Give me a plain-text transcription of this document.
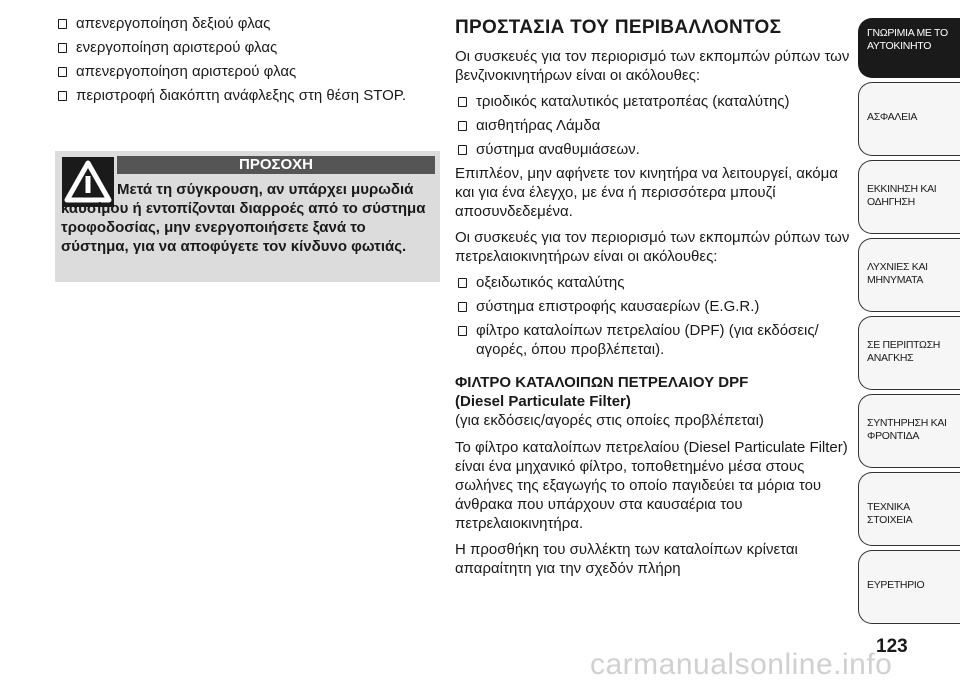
απενεργοποίηση δεξιού φλας
ενεργοποίηση αριστερού φλας
απενεργοποίηση αριστερού φλας
περιστροφή διακόπτη ανάφλεξης στη θέση STOP.
ΠΡΟΣΟΧΗ
Μετά τη σύγκρουση, αν υπάρχει μυρωδιά καυσίμου ή εντοπίζονται διαρροές από το σύστημα τροφοδοσίας, μην ενεργοποιήσετε ξανά το σύστημα, για να αποφύγετε τον κίνδυνο φωτιάς.
ΠΡΟΣΤΑΣΙΑ ΤΟΥ ΠΕΡΙΒΑΛΛΟΝΤΟΣ

Οι συσκευές για τον περιορισμό των εκπομπών ρύπων των βενζινοκινητήρων είναι οι ακόλουθες:

τριοδικός καταλυτικός μετατροπέας (καταλύτης)
αισθητήρας Λάμδα
σύστημα αναθυμιάσεων.

Επιπλέον, μην αφήνετε τον κινητήρα να λειτουργεί, ακόμα και για ένα έλεγχο, με ένα ή περισσότερα μπουζί αποσυνδεδεμένα.

Οι συσκευές για τον περιορισμό των εκπομπών ρύπων των πετρελαιοκινητήρων είναι οι ακόλουθες:

οξειδωτικός καταλύτης
σύστημα επιστροφής καυσαερίων (E.G.R.)
φίλτρο καταλοίπων πετρελαίου (DPF) (για εκδόσεις/αγορές, όπου προβλέπεται).
ΦΙΛΤΡΟ ΚΑΤΑΛΟΙΠΩΝ ΠΕΤΡΕΛΑΙΟΥ DPF
(Diesel Particulate Filter)

(για εκδόσεις/αγορές στις οποίες προβλέπεται)

Το φίλτρο καταλοίπων πετρελαίου (Diesel Particulate Filter) είναι ένα μηχανικό φίλτρο, τοποθετημένο μέσα στους σωλήνες της εξαγωγής το οποίο παγιδεύει τα μόρια του άνθρακα που υπάρχουν στα καυσαέρια του πετρελαιοκινητήρα.

Η προσθήκη του συλλέκτη των καταλοίπων κρίνεται απαραίτητη για την σχεδόν πλήρη

ΓΝΩΡΙΜΙΑ ΜΕ ΤΟ ΑΥΤΟΚΙΝΗΤΟ
ΑΣΦΑΛΕΙΑ
ΕΚΚΙΝΗΣΗ ΚΑΙ ΟΔΗΓΗΣΗ
ΛΥΧΝΙΕΣ ΚΑΙ ΜΗΝΥΜΑΤΑ
ΣΕ ΠΕΡΙΠΤΩΣΗ ΑΝΑΓΚΗΣ
ΣΥΝΤΗΡΗΣΗ ΚΑΙ ΦΡΟΝΤΙΔΑ
ΤΕΧΝΙΚΑ ΣΤΟΙΧΕΙΑ
ΕΥΡΕΤΗΡΙΟ
123
carmanualsonline.info
